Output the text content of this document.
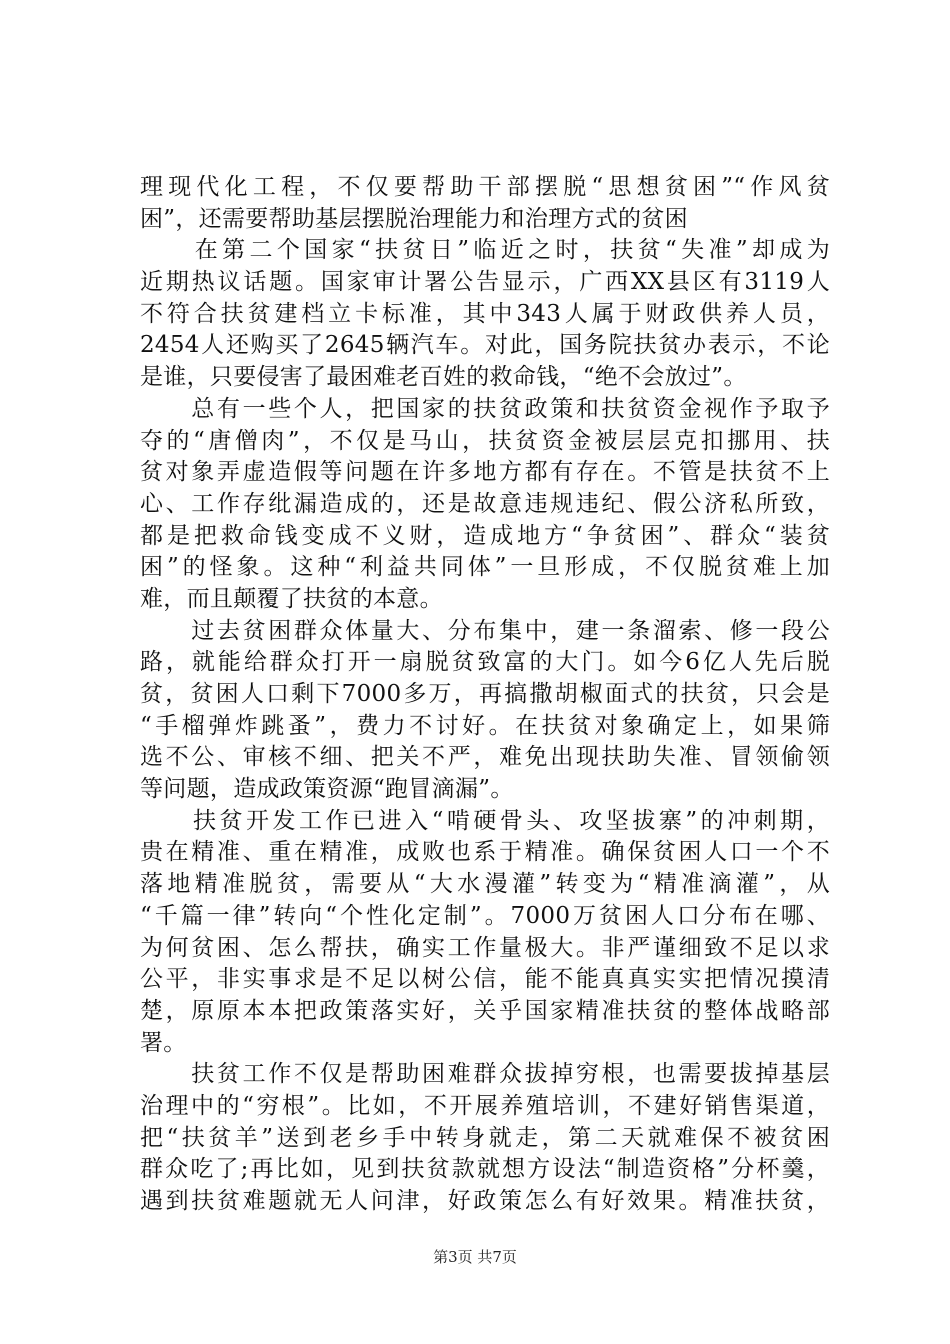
理现代化工程，不仅要帮助干部摆脱“思想贫困”“作风贫
困”，还需要帮助基层摆脱治理能力和治理方式的贫困
　　在第二个国家“扶贫日”临近之时，扶贫“失准”却成为
近期热议话题。国家审计署公告显示，广西XX县区有3119人
不符合扶贫建档立卡标准，其中343人属于财政供养人员，
2454人还购买了2645辆汽车。对此，国务院扶贫办表示，不论
是谁，只要侵害了最困难老百姓的救命钱，“绝不会放过”。
　　总有一些个人，把国家的扶贫政策和扶贫资金视作予取予
夺的“唐僧肉”，不仅是马山，扶贫资金被层层克扣挪用、扶
贫对象弄虚造假等问题在许多地方都有存在。不管是扶贫不上
心、工作存纰漏造成的，还是故意违规违纪、假公济私所致，
都是把救命钱变成不义财，造成地方“争贫困”、群众“装贫
困”的怪象。这种“利益共同体”一旦形成，不仅脱贫难上加
难，而且颠覆了扶贫的本意。
　　过去贫困群众体量大、分布集中，建一条溜索、修一段公
路，就能给群众打开一扇脱贫致富的大门。如今6亿人先后脱
贫，贫困人口剩下7000多万，再搞撒胡椒面式的扶贫，只会是
“手榴弹炸跳蚤”，费力不讨好。在扶贫对象确定上，如果筛
选不公、审核不细、把关不严，难免出现扶助失准、冒领偷领
等问题，造成政策资源“跑冒滴漏”。
　　扶贫开发工作已进入“啃硬骨头、攻坚拔寨”的冲刺期，
贵在精准、重在精准，成败也系于精准。确保贫困人口一个不
落地精准脱贫，需要从“大水漫灌”转变为“精准滴灌”，从
“千篇一律”转向“个性化定制”。7000万贫困人口分布在哪、
为何贫困、怎么帮扶，确实工作量极大。非严谨细致不足以求
公平，非实事求是不足以树公信，能不能真真实实把情况摸清
楚，原原本本把政策落实好，关乎国家精准扶贫的整体战略部
署。
　　扶贫工作不仅是帮助困难群众拔掉穷根，也需要拔掉基层
治理中的“穷根”。比如，不开展养殖培训，不建好销售渠道，
把“扶贫羊”送到老乡手中转身就走，第二天就难保不被贫困
群众吃了;再比如，见到扶贫款就想方设法“制造资格”分杯羹，
遇到扶贫难题就无人问津，好政策怎么有好效果。精准扶贫，
第3页 共7页
